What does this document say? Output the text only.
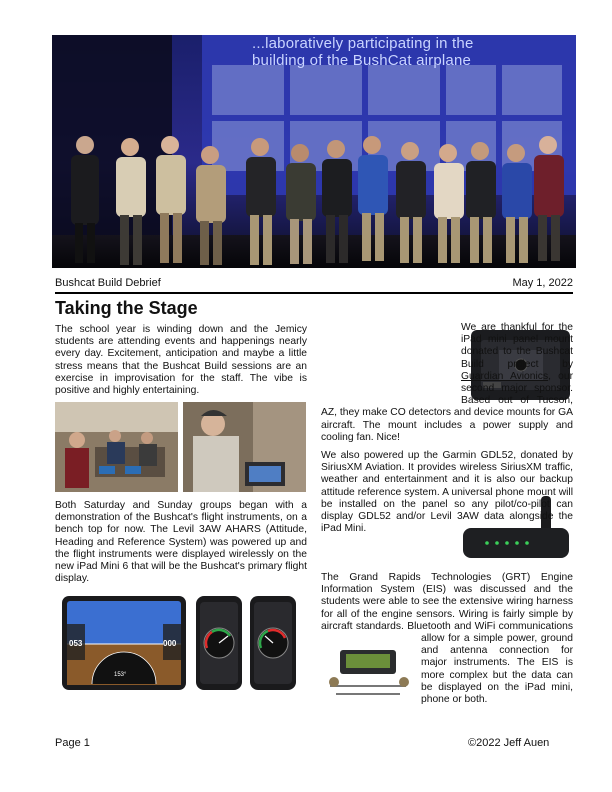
...laboratively participating in the
building of the BushCat airplane
Bushcat Build Debrief	May 1, 2022
Taking the Stage
The school year is winding down and the Jemicy students are attending events and happenings nearly every day. Excitement, anticipation and maybe a little stress means that the Bushcat Build sessions are an exercise in improvisation for the staff. The vibe is positive and highly entertaining.
Both Saturday and Sunday groups began with a demonstration of the Bushcat's flight instruments, on a bench top for now. The Levil 3AW AHARS (Attitude, Heading and Reference System) was powered up and the flight instruments were displayed wirelessly on the new iPad Mini 6 that will be the Bushcat's primary flight display.
053	000
153°
We are thankful for the iPad mini panel mount donated to the Bushcat Build project by Guardian Avionics, our second major sponsor. Based out of Tucson, AZ, they make CO detectors and device mounts for GA aircraft. The mount includes a power supply and cooling fan. Nice!
We also powered up the Garmin GDL52, donated by SiriusXM Aviation. It provides wireless SiriusXM traffic, weather and entertainment and it is also our backup attitude reference system. A universal phone mount will be installed on the panel so any pilot/co-pilot can display GDL52 and/or Levil 3AW data alongside the iPad Mini.
The Grand Rapids Technologies (GRT) Engine Information System (EIS) was discussed and the students were able to see the extensive wiring harness for all of the engine sensors. Wiring is fairly simple by aircraft standards. Bluetooth and WiFi communications allow for a simple power, ground and antenna connection for major instruments. The EIS is more complex but the data can be displayed on the iPad mini, phone or both.
Page 1	©2022 Jeff Auen
